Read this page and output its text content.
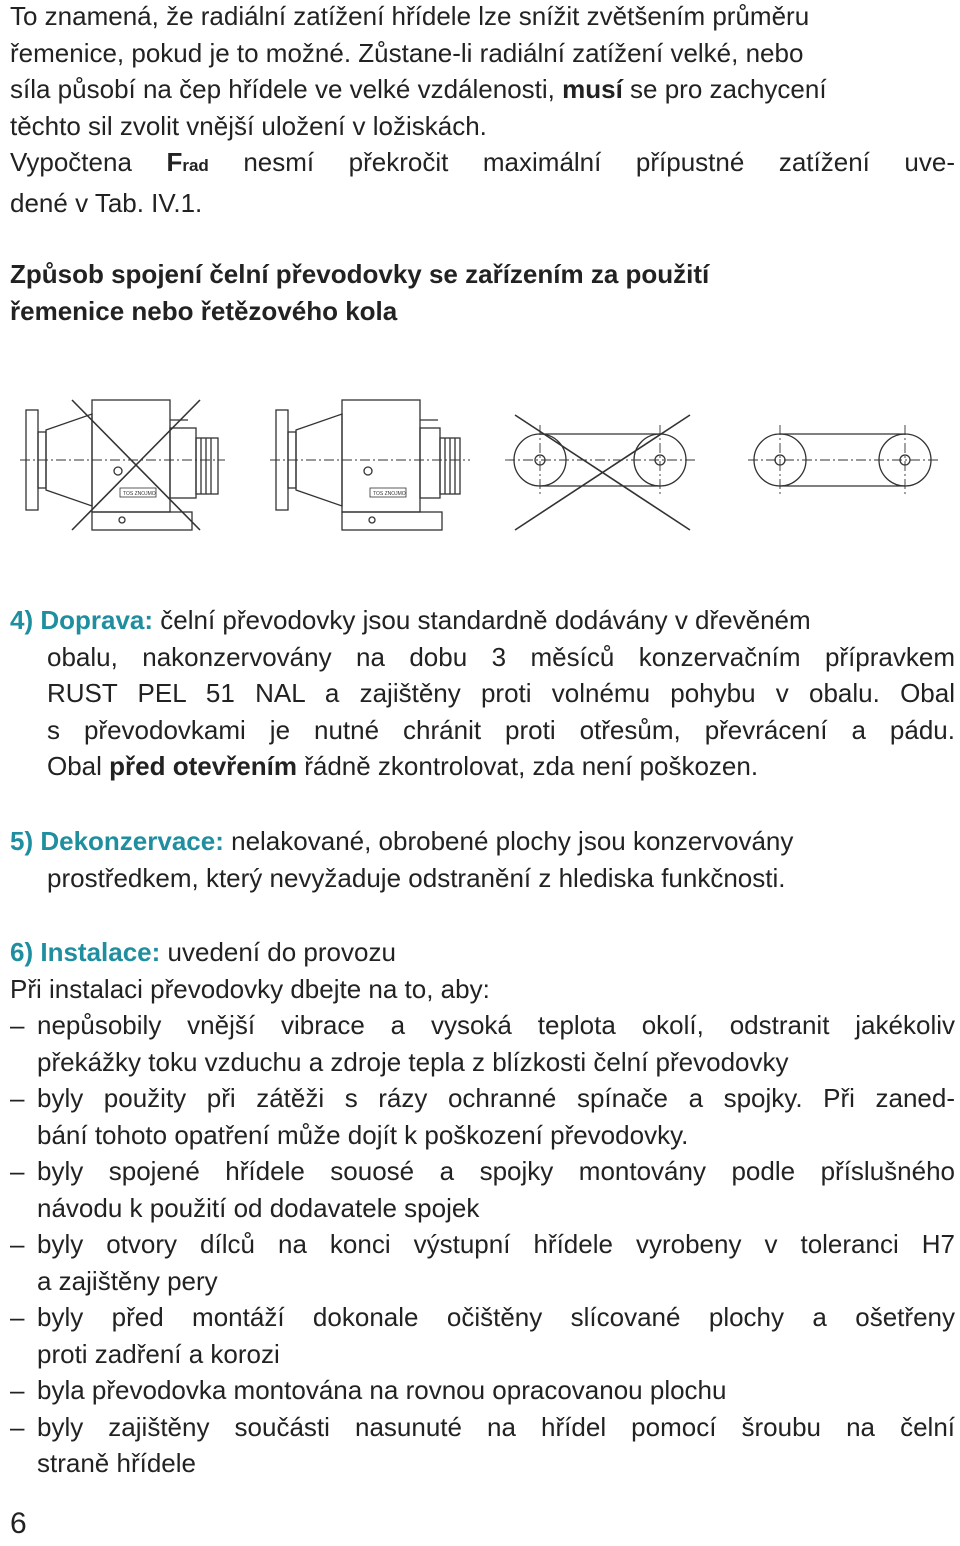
To znamená, že radiální zatížení hřídele lze snížit zvětšením průměru
řemenice, pokud je to možné. Zůstane-li radiální zatížení velké, nebo
síla působí na čep hřídele ve velké vzdálenosti, musí se pro zachycení
těchto sil zvolit vnější uložení v ložiskách.
Vypočtena Frad nesmí překročit maximální přípustné zatížení uve-
dené v Tab. IV.1.
Způsob spojení čelní převodovky se zařízením za použití
řemenice nebo řetězového kola
TOS ZNOJMO	TOS ZNOJMO
4) Doprava: čelní převodovky jsou standardně dodávány v dřevěném
obalu, nakonzervovány na dobu 3 měsíců konzervačním přípravkem
RUST PEL 51 NAL a zajištěny proti volnému pohybu v obalu. Obal
s převodovkami je nutné chránit proti otřesům, převrácení a pádu.
Obal před otevřením řádně zkontrolovat, zda není poškozen.
5) Dekonzervace: nelakované, obrobené plochy jsou konzervovány
prostředkem, který nevyžaduje odstranění z hlediska funkčnosti.
6) Instalace: uvedení do provozu
Při instalaci převodovky dbejte na to, aby:
– nepůsobily vnější vibrace a vysoká teplota okolí, odstranit jakékoliv
překážky toku vzduchu a zdroje tepla z blízkosti čelní převodovky
– byly použity při zátěži s rázy ochranné spínače a spojky. Při zaned-
bání tohoto opatření může dojít k poškození převodovky.
– byly spojené hřídele souosé a spojky montovány podle příslušného
návodu k použití od dodavatele spojek
– byly otvory dílců na konci výstupní hřídele vyrobeny v toleranci H7
a zajištěny pery
– byly před montáží dokonale očištěny slícované plochy a ošetřeny
proti zadření a korozi
– byla převodovka montována na rovnou opracovanou plochu
– byly zajištěny součásti nasunuté na hřídel pomocí šroubu na čelní
straně hřídele
6
